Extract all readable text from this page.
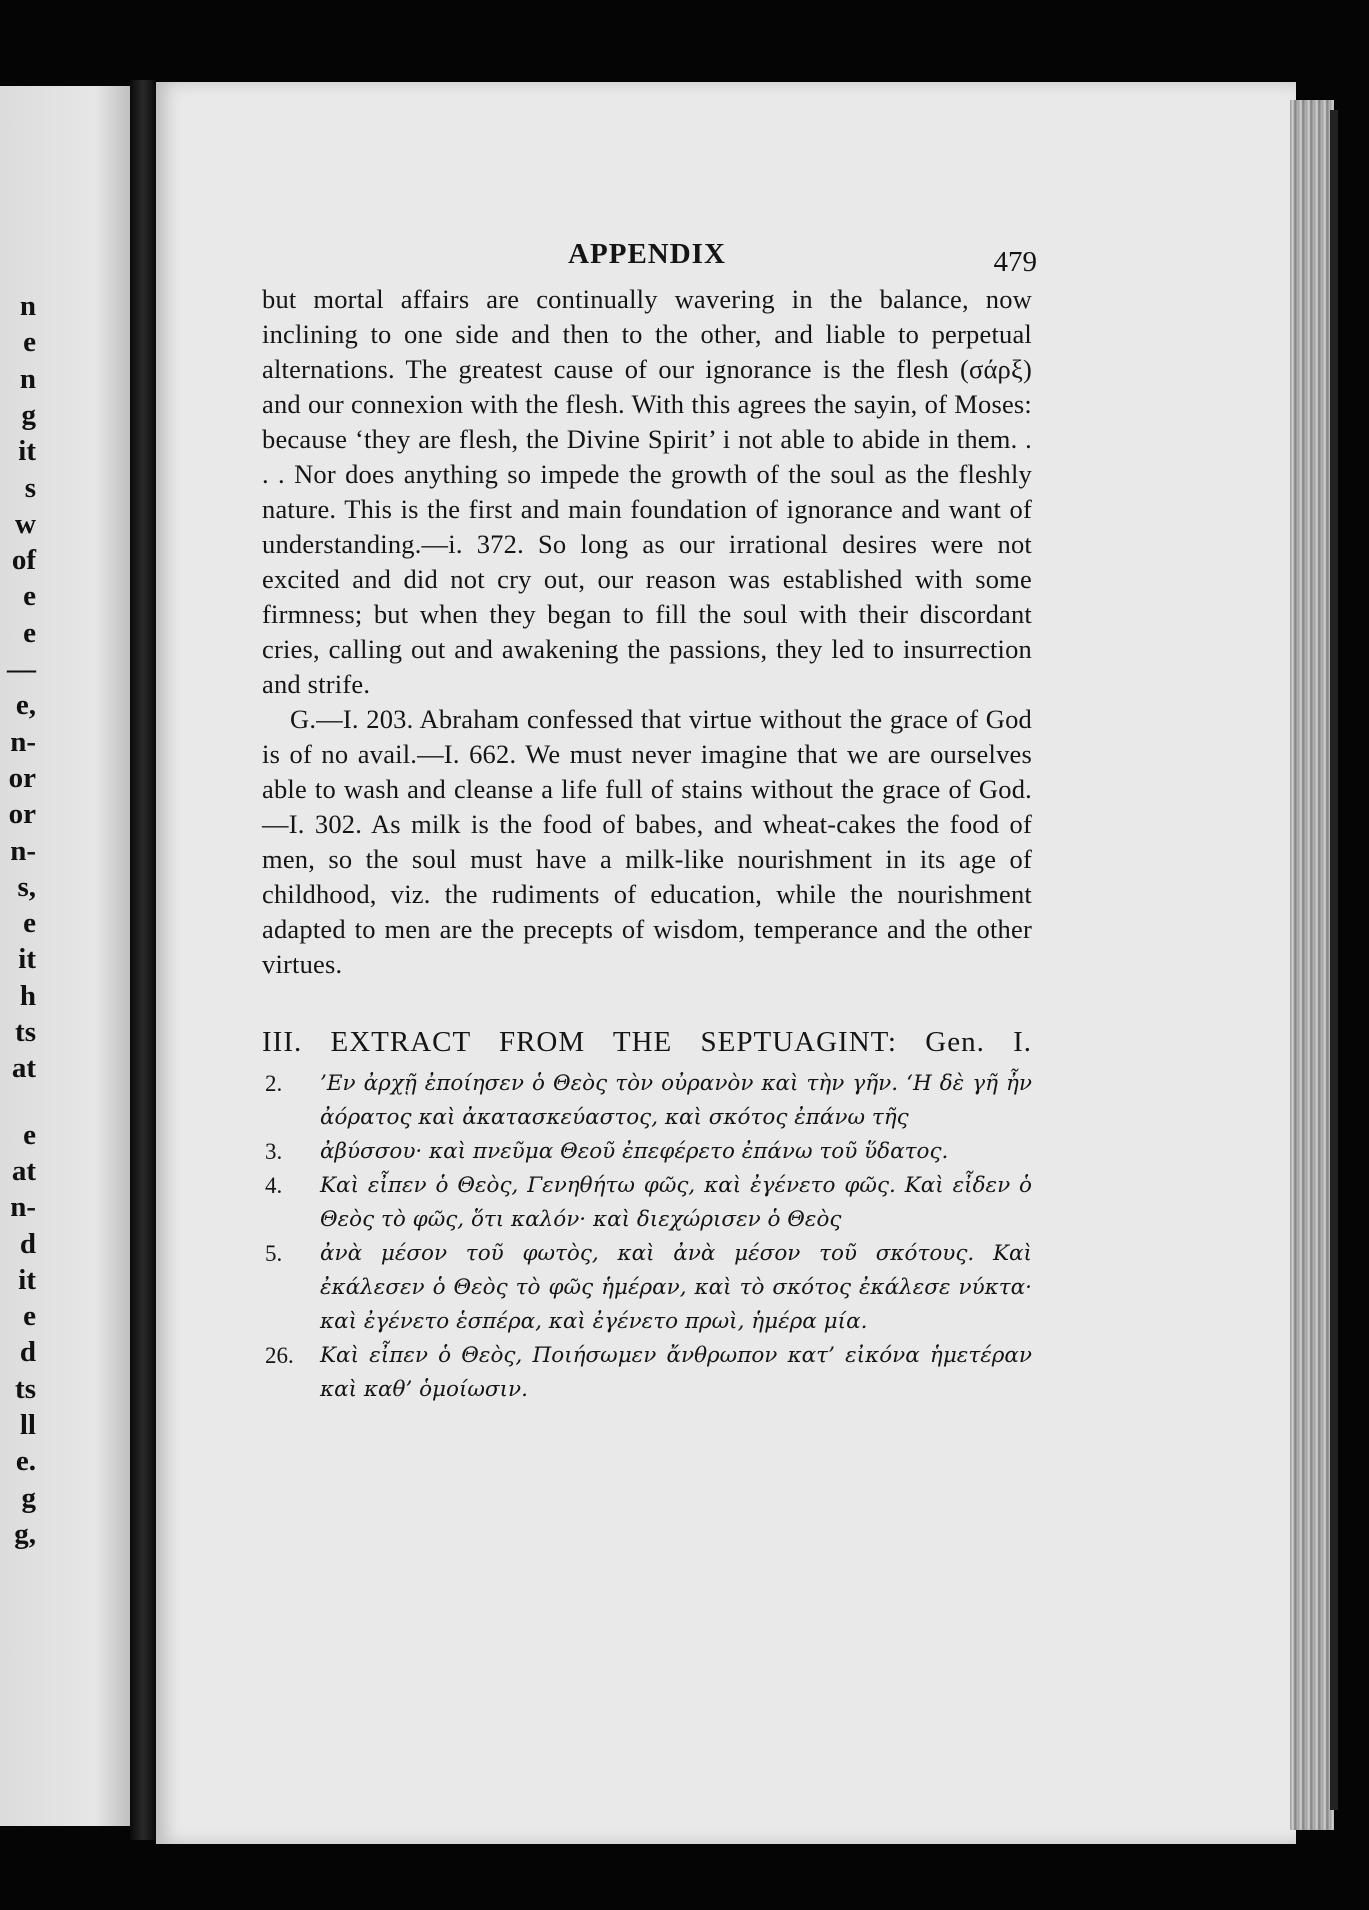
n
e
n
g
it
s
w
of
e
e
—
e,
n-
or
or
n-
s,
e
it
h
ts
at
e
at
n-
d
it
e
d
ts
ll
e.
g
g,
APPENDIX	479

but mortal affairs are continually wavering in the balance, now inclining to one side and then to the other, and liable to perpetual alternations. The greatest cause of our ignorance is the flesh (σάρξ) and our connexion with the flesh. With this agrees the sayin, of Moses: because ‘they are flesh, the Divine Spirit’ i not able to abide in them. . . . Nor does anything so impede the growth of the soul as the fleshly nature. This is the first and main foundation of ignorance and want of understanding.—i. 372. So long as our irrational desires were not excited and did not cry out, our reason was established with some firmness; but when they began to fill the soul with their discordant cries, calling out and awakening the passions, they led to insurrection and strife.

G.—I. 203. Abraham confessed that virtue without the grace of God is of no avail.—I. 662. We must never imagine that we are ourselves able to wash and cleanse a life full of stains without the grace of God.—I. 302. As milk is the food of babes, and wheat-cakes the food of men, so the soul must have a milk-like nourishment in its age of childhood, viz. the rudiments of education, while the nourishment adapted to men are the precepts of wisdom, temperance and the other virtues.

III. EXTRACT FROM THE SEPTUAGINT: Gen. I.
2. ’Εν ἀρχῇ ἐποίησεν ὁ Θεὸς τὸν οὐρανὸν καὶ τὴν γῆν. ‘Η δὲ γῆ ἦν ἀόρατος καὶ ἀκατασκεύαστος, καὶ σκότος ἐπάνω τῆς
3. ἀβύσσου· καὶ πνεῦμα Θεοῦ ἐπεφέρετο ἐπάνω τοῦ ὕδατος.
4. Καὶ εἶπεν ὁ Θεὸς, Γενηθήτω φῶς, καὶ ἐγένετο φῶς. Καὶ εἶδεν ὁ Θεὸς τὸ φῶς, ὅτι καλόν· καὶ διεχώρισεν ὁ Θεὸς
5. ἀνὰ μέσον τοῦ φωτὸς, καὶ ἀνὰ μέσον τοῦ σκότους. Καὶ ἐκάλεσεν ὁ Θεὸς τὸ φῶς ἡμέραν, καὶ τὸ σκότος ἐκάλεσε νύκτα· καὶ ἐγένετο ἑσπέρα, καὶ ἐγένετο πρωὶ, ἡμέρα μία.
26. Καὶ εἶπεν ὁ Θεὸς, Ποιήσωμεν ἄνθρωπον κατ’ εἰκόνα ἡμετέραν καὶ καθ’ ὁμοίωσιν.
